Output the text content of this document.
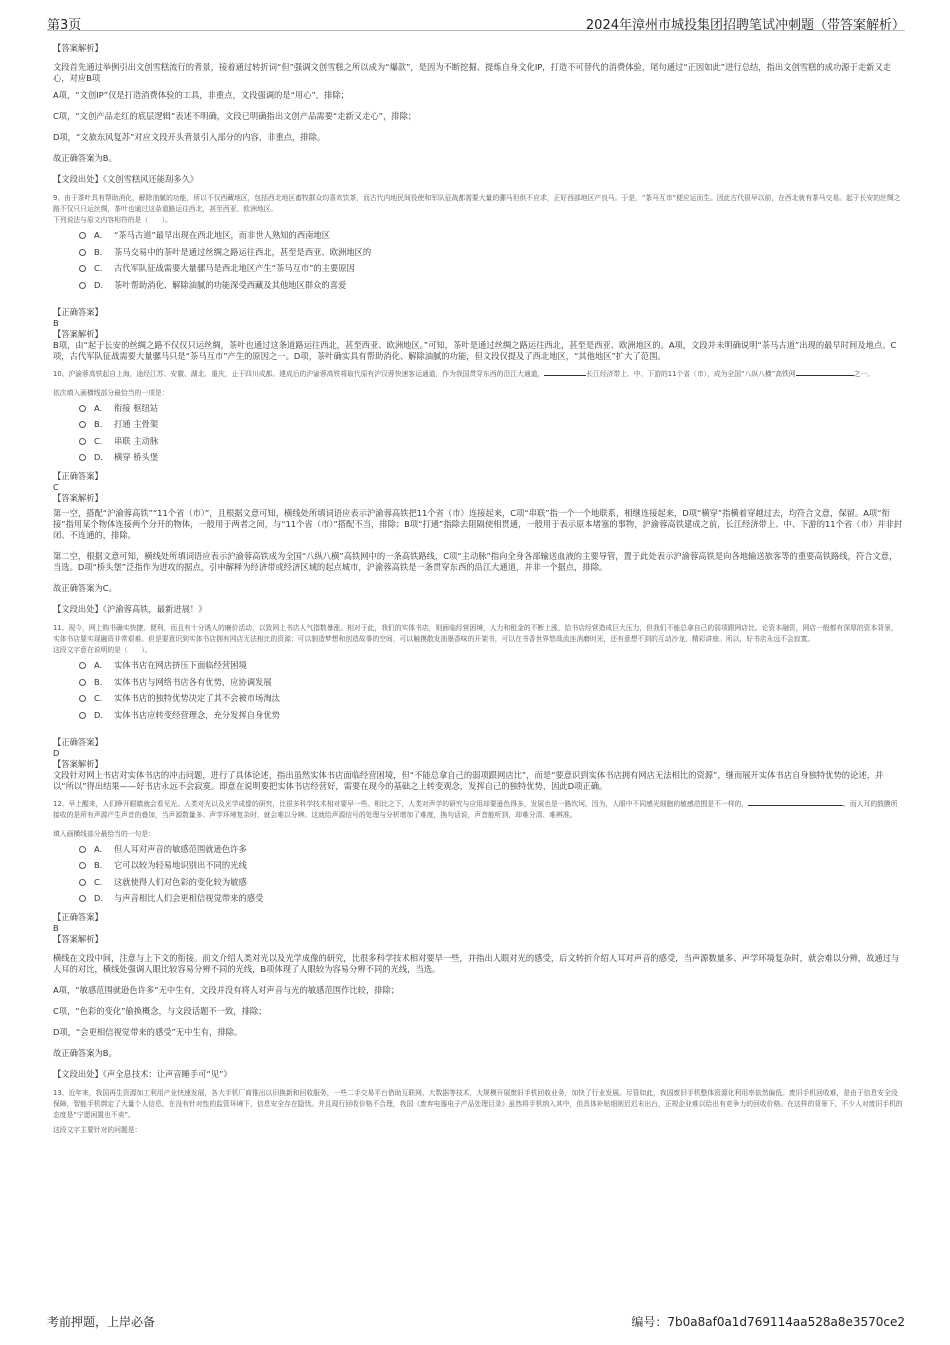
第3页	2024年漳州市城投集团招聘笔试冲刺题（带答案解析）

【答案解析】

文段首先通过举例引出文创雪糕流行的背景，接着通过转折词“但”强调文创雪糕之所以成为“爆款”，是因为不断挖掘、提炼自身文化IP，打造不可替代的消费体验，尾句通过“正因如此”进行总结，指出文创雪糕的成功源于走新又走心，对应B项

A项，“文创IP”仅是打造消费体验的工具，非重点，文段强调的是“用心”，排除；

C项，“文创产品走红的底层逻辑”表述不明确，文段已明确指出文创产品需要“走新又走心”，排除；

D项，“文旅东风复苏”对应文段开头背景引入部分的内容，非重点，排除。

故正确答案为B。

【文段出处】《文创雪糕风还能刮多久》

9、由于茶叶具有帮助消化，解除油腻的功能，所以不仅西藏地区，包括西北地区畜牧群众均喜欢饮茶，而古代内地民间役使和军队征战都需要大量的骡马但供不应求，正好西部地区产良马。于是，“茶马互市”便应运而生。因此古代很早以前，在西北就有茶马交易。起于长安的丝绸之路不仅只只运丝绸，茶叶也通过这条道路运往西北，甚至西亚、欧洲地区。

下列说法与原文内容相符的是（　　）。

A． “茶马古道”最早出现在西北地区，而非世人熟知的西南地区
B． 茶马交易中的茶叶是通过丝绸之路运往西北，甚至是西亚、欧洲地区的
C． 古代军队征战需要大量骡马是西北地区产生“茶马互市”的主要原因
D． 茶叶帮助消化、解除油腻的功能深受西藏及其他地区群众的喜爱

【正确答案】

B

【答案解析】

B项，由“起于长安的丝绸之路不仅仅只运丝绸，茶叶也通过这条道路运往西北，甚至西亚、欧洲地区。”可知，茶叶是通过丝绸之路运往西北，甚至是西亚、欧洲地区的。A项，文段并未明确说明“茶马古道”出现的最早时间及地点。C项，古代军队征战需要大量骡马只是“茶马互市”产生的原因之一。D项，茶叶确实具有帮助消化、解除油腻的功能，但文段仅提及了西北地区，“其他地区”扩大了范围。

10、沪渝蓉高铁起自上海，途经江苏、安徽、湖北、重庆，止于四川成都。建成后的沪渝蓉高铁将取代原有沪汉蓉快速客运通道，作为我国贯穿东西的沿江大通道，	长江经济带上、中、下游的11个省（市），成为全国“八纵八横”高铁网	之一。

依次填入画横线部分最恰当的一项是：

A． 衔接 枢纽站
B． 打通 主骨架
C． 串联 主动脉
D． 横穿 桥头堡

【正确答案】

C

【答案解析】

第一空，搭配“沪渝蓉高铁”“11个省（市）”，且根据文意可知，横线处所填词语应表示沪渝蓉高铁把11个省（市）连接起来，C项“串联”指一个一个地联系，相继连接起来，D项“横穿”指横着穿越过去，均符合文意，保留。A项“衔接”指用某个物体连接两个分开的物体，一般用于两者之间，与“11个省（市）”搭配不当，排除；B项“打通”指除去阻隔使相贯通，一般用于表示原本堵塞的事物，沪渝蓉高铁建成之前，长江经济带上、中、下游的11个省（市）并非封闭、不连通的，排除。

第二空，根据文意可知，横线处所填词语应表示沪渝蓉高铁成为全国“八纵八横”高铁网中的一条高铁路线，C项“主动脉”指向全身各部输送血液的主要导管，置于此处表示沪渝蓉高铁是向各地输送旅客等的重要高铁路线，符合文意，当选。D项“桥头堡”泛指作为进攻的据点，引申解释为经济带或经济区域的起点城市，沪渝蓉高铁是一条贯穿东西的沿江大通道，并非一个据点，排除。

故正确答案为C。

【文段出处】《沪渝蓉高铁，最新进展！》

11、现今，网上购书确实快捷、便利，而且有十分诱人的廉价活动，以致网上书店人气指数暴涨。相对于此，我们的实体书店，则面临经营困境，人力和租金的不断上涨，给书店经营造成巨大压力，但我们不能总拿自己的弱项跟网店比。论资本融资，网店一般都有深厚的资本背景，实体书店要实现融资非常艰难。但是要意识到实体书店拥有网店无法相比的资源：可以制造梦想和创造故事的空间，可以触摸散发油墨香味的开架书，可以在书香世界悠哉流连消磨时光，还有意想不到的互动沙龙，精彩讲座。所以，好书店永远不会寂寞。

这段文字意在说明的是（　　）。

A． 实体书店在网店挤压下面临经营困境
B． 实体书店与网络书店各有优势，应协调发展
C． 实体书店的独特优势决定了其不会被市场淘汰
D． 实体书店应转变经营理念，充分发挥自身优势

【正确答案】

D

【答案解析】

文段针对网上书店对实体书店的冲击问题，进行了具体论述，指出虽然实体书店面临经营困境，但“不能总拿自己的弱项跟网店比”，而是“要意识到实体书店拥有网店无法相比的资源”，继而展开实体书店自身独特优势的论述，并以“所以”得出结果——好书店永远不会寂寞。即意在说明要把实体书店经营好，需要在现今的基础之上转变观念，发挥自己的独特优势，因此D项正确。

12、早上醒来，人们睁开眼睛就会看见光。人类对光以及光学成像的研究，比很多科学技术相对要早一些。相比之下，人类对声学的研究与应用却要逊色得多，发展也是一路坎坷。因为，人眼中不同感光细胞的敏感范围是不一样的，	。而人耳的鼓膜所接收的是所有声源产生声音的叠加，当声源数量多、声学环境复杂时，就会难以分辨。这就给声源信号的处理与分析增加了难度，换句话说，声音能听到，却难分清、难辨准。

填入画横线部分最恰当的一句是：

A． 但人耳对声音的敏感范围就逊色许多
B． 它可以较为轻易地识别出不同的光线
C． 这就使得人们对色彩的变化较为敏感
D． 与声音相比人们会更相信视觉带来的感受

【正确答案】

B

【答案解析】

横线在文段中间，注意与上下文的衔接。前文介绍人类对光以及光学成像的研究，比很多科学技术相对要早一些，并指出人眼对光的感受，后文转折介绍人耳对声音的感受，当声源数量多、声学环境复杂时，就会难以分辨，故通过与人耳的对比，横线处强调人眼比较容易分辨不同的光线，B项体现了人眼较为容易分辨不同的光线，当选。

A项，“敏感范围就逊色许多”无中生有，文段并没有将人对声音与光的敏感范围作比较，排除；

C项，“色彩的变化”偷换概念，与文段话题不一致，排除；

D项，“会更相信视觉带来的感受”无中生有，排除。

故正确答案为B。

【文段出处】《声全息技术：让声音睡手可“见”》

13、近年来，我国再生资源加工利用产业快速发展，各大手机厂商推出以旧换新和回收服务，一些二手交易平台借助互联网、大数据等技术，大规模开展废旧手机回收业务，加快了行业发展。尽管如此，我国废旧手机整体资源化利用率依然偏低。废旧手机回收难，是由于信息安全没保障，智能手机绑定了大量个人信息，在没有针对性的监管环境下，信息安全存在隐忧。并且现行回收价格不合理，我国《废弃电器电子产品处理目录》虽然将手机纳入其中，但具体补贴细则迟迟未出台，正规企业难以给出有竞争力的回收价格。在这样的背景下，不少人对废旧手机的态度是“宁愿闲置也不卖”。

这段文字主要针对的问题是：

考前押题，上岸必备	编号：7b0a8af0a1d769114aa528a8e3570ce2
